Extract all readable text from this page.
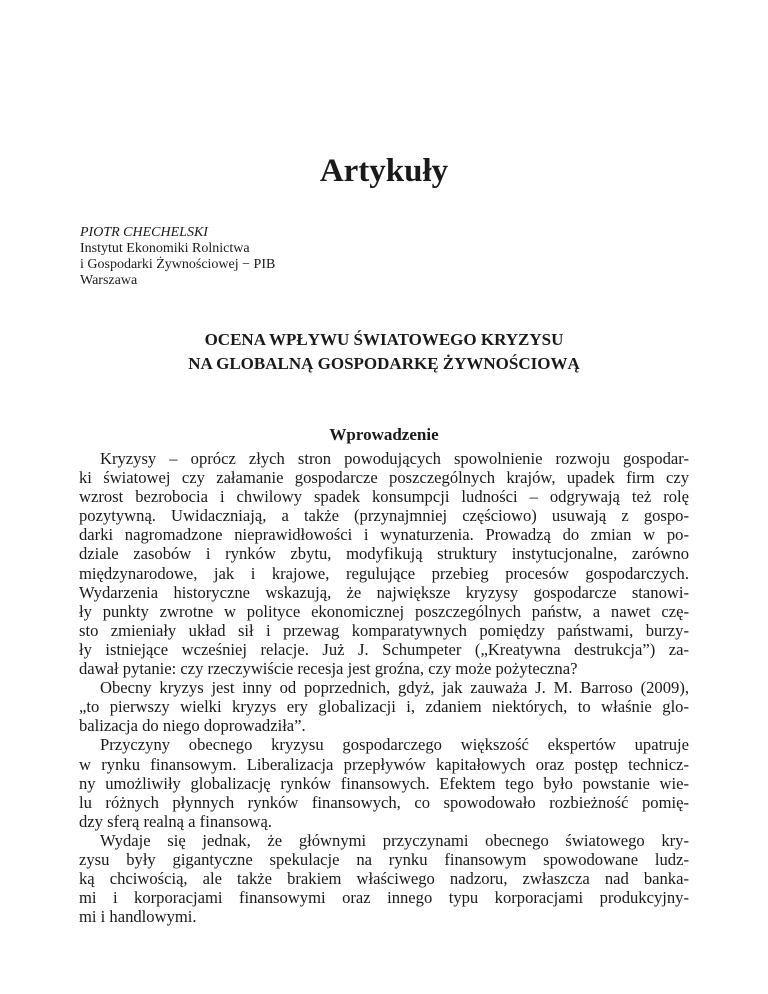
Artykuły
PIOTR CHECHELSKI
Instytut Ekonomiki Rolnictwa
i Gospodarki Żywnościowej − PIB
Warszawa
OCENA WPŁYWU ŚWIATOWEGO KRYZYSU
NA GLOBALNĄ GOSPODARKĘ ŻYWNOŚCIOWĄ
Wprowadzenie
Kryzysy – oprócz złych stron powodujących spowolnienie rozwoju gospodar-
ki światowej czy załamanie gospodarcze poszczególnych krajów, upadek firm czy
wzrost bezrobocia i chwilowy spadek konsumpcji ludności – odgrywają też rolę
pozytywną. Uwidaczniają, a także (przynajmniej częściowo) usuwają z gospo-
darki nagromadzone nieprawidłowości i wynaturzenia. Prowadzą do zmian w po-
dziale zasobów i rynków zbytu, modyfikują struktury instytucjonalne, zarówno
międzynarodowe, jak i krajowe, regulujące przebieg procesów gospodarczych.
Wydarzenia historyczne wskazują, że największe kryzysy gospodarcze stanowi-
ły punkty zwrotne w polityce ekonomicznej poszczególnych państw, a nawet czę-
sto zmieniały układ sił i przewag komparatywnych pomiędzy państwami, burzy-
ły istniejące wcześniej relacje. Już J. Schumpeter („Kreatywna destrukcja”) za-
dawał pytanie: czy rzeczywiście recesja jest groźna, czy może pożyteczna?
Obecny kryzys jest inny od poprzednich, gdyż, jak zauważa J. M. Barroso (2009),
„to pierwszy wielki kryzys ery globalizacji i, zdaniem niektórych, to właśnie glo-
balizacja do niego doprowadziła”.
Przyczyny obecnego kryzysu gospodarczego większość ekspertów upatruje
w rynku finansowym. Liberalizacja przepływów kapitałowych oraz postęp technicz-
ny umożliwiły globalizację rynków finansowych. Efektem tego było powstanie wie-
lu różnych płynnych rynków finansowych, co spowodowało rozbieżność pomię-
dzy sferą realną a finansową.
Wydaje się jednak, że głównymi przyczynami obecnego światowego kry-
zysu były gigantyczne spekulacje na rynku finansowym spowodowane ludz-
ką chciwością, ale także brakiem właściwego nadzoru, zwłaszcza nad banka-
mi i korporacjami finansowymi oraz innego typu korporacjami produkcyjny-
mi i handlowymi.
